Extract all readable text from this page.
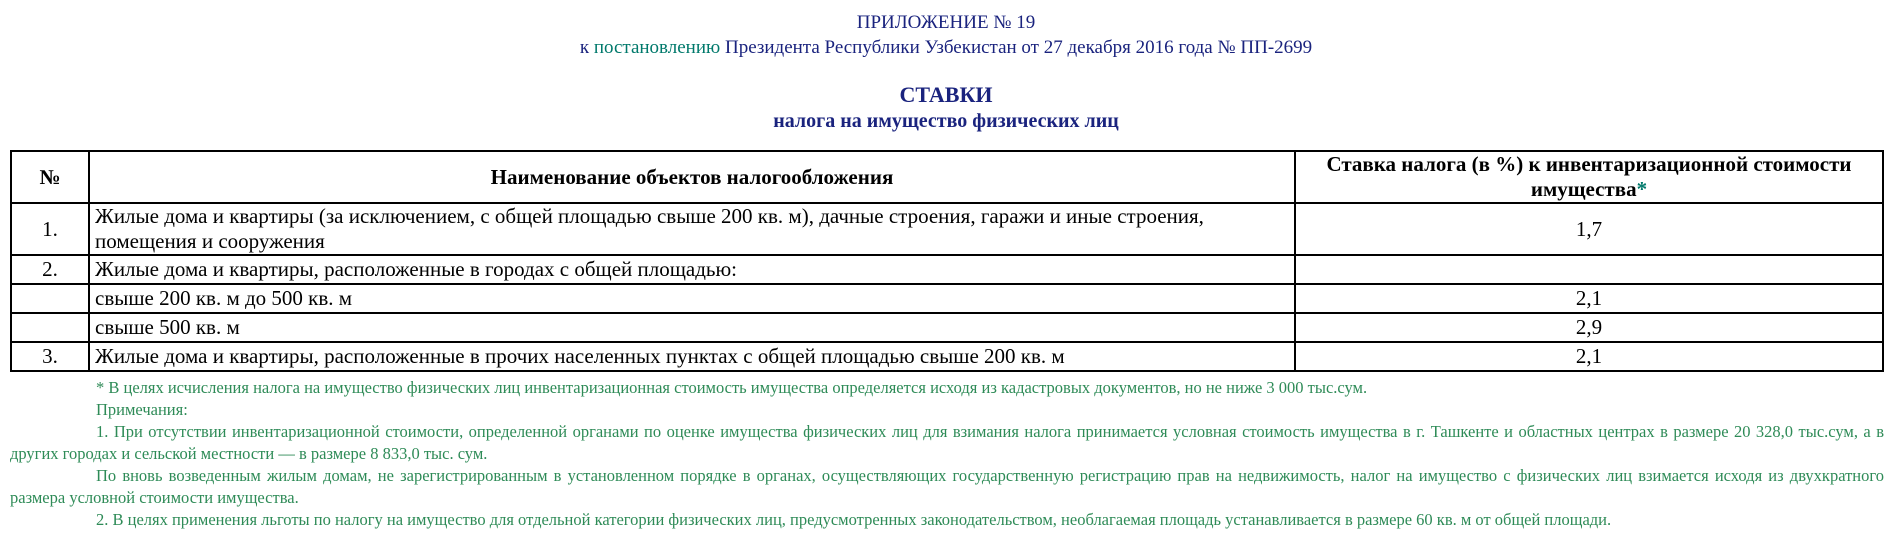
ПРИЛОЖЕНИЕ № 19
к постановлению Президента Республики Узбекистан от 27 декабря 2016 года № ПП-2699
СТАВКИ
налога на имущество физических лиц
№	Наименование объектов налогообложения	Ставка налога (в %) к инвентаризационной стоимости имущества*
1.	Жилые дома и квартиры (за исключением, с общей площадью свыше 200 кв. м), дачные строения, гаражи и иные строения, помещения и сооружения	1,7
2.	Жилые дома и квартиры, расположенные в городах с общей площадью:	
	свыше 200 кв. м до 500 кв. м	2,1
	свыше 500 кв. м	2,9
3.	Жилые дома и квартиры, расположенные в прочих населенных пунктах с общей площадью свыше 200 кв. м	2,1

* В целях исчисления налога на имущество физических лиц инвентаризационная стоимость имущества определяется исходя из кадастровых документов, но не ниже 3 000 тыс.сум.

Примечания:

1. При отсутствии инвентаризационной стоимости, определенной органами по оценке имущества физических лиц для взимания налога принимается условная стоимость имущества в г. Ташкенте и областных центрах в размере 20 328,0 тыс.сум, а в других городах и сельской местности — в размере 8 833,0 тыс. сум.

По вновь возведенным жилым домам, не зарегистрированным в установленном порядке в органах, осуществляющих государственную регистрацию прав на недвижимость, налог на имущество с физических лиц взимается исходя из двухкратного размера условной стоимости имущества.

2. В целях применения льготы по налогу на имущество для отдельной категории физических лиц, предусмотренных законодательством, необлагаемая площадь устанавливается в размере 60 кв. м от общей площади.
